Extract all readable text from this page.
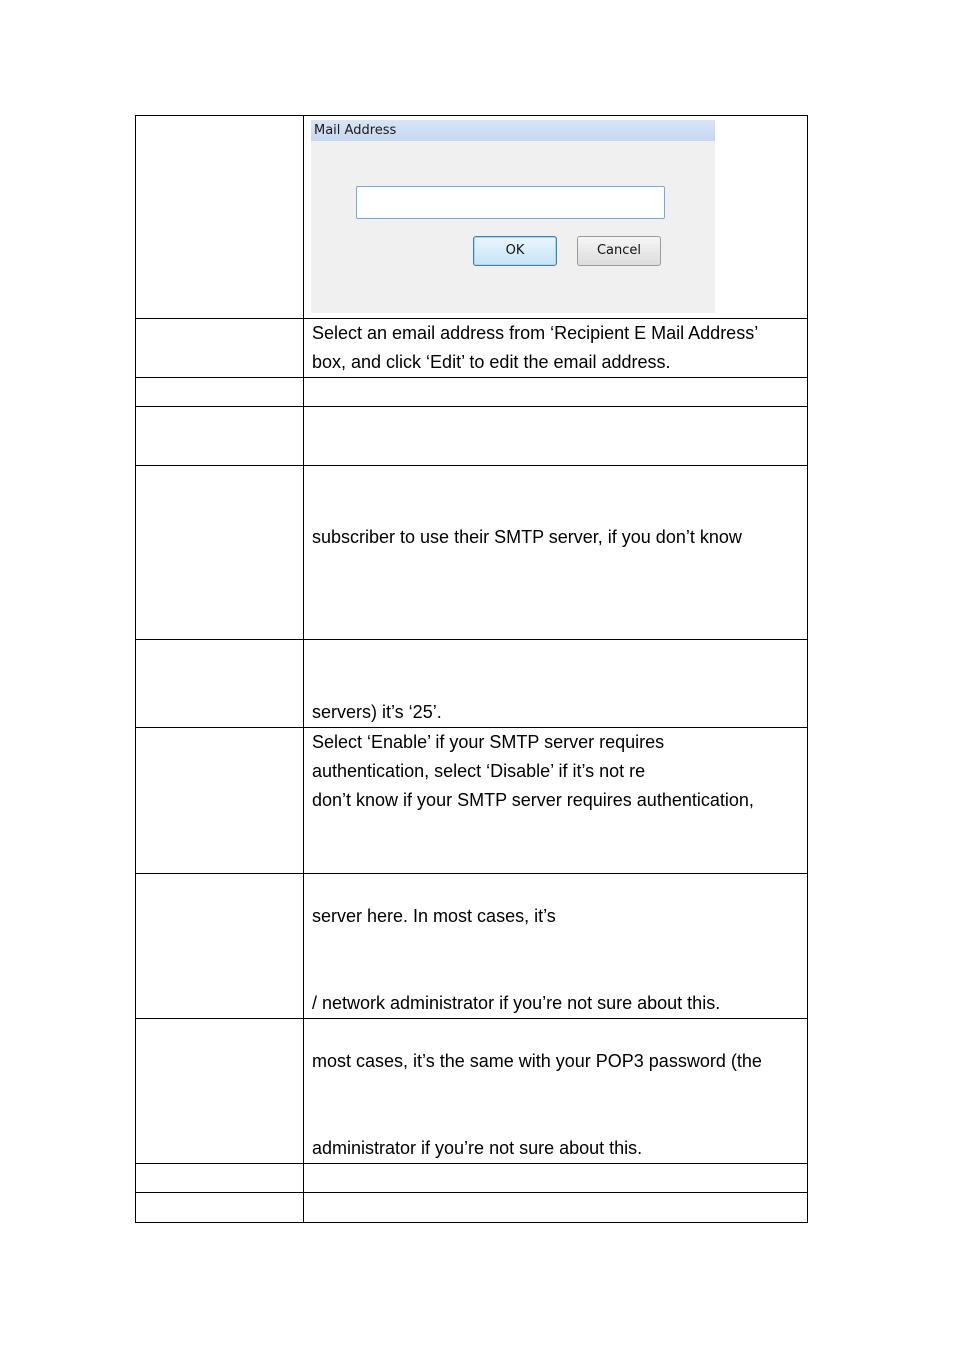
	Mail Address
OK Cancel

	Select an email address from ‘Recipient E Mail Address’
box, and click ‘Edit’ to edit the email address.

	subscriber to use their SMTP server, if you don’t know

	servers) it’s ‘25’.

	Select ‘Enable’ if your SMTP server requires
authentication, select ‘Disable’ if it’s not re
don’t know if your SMTP server requires authentication,

	server here. In most cases, it’s
/ network administrator if you’re not sure about this.

	most cases, it’s the same with your POP3 password (the
administrator if you’re not sure about this.
